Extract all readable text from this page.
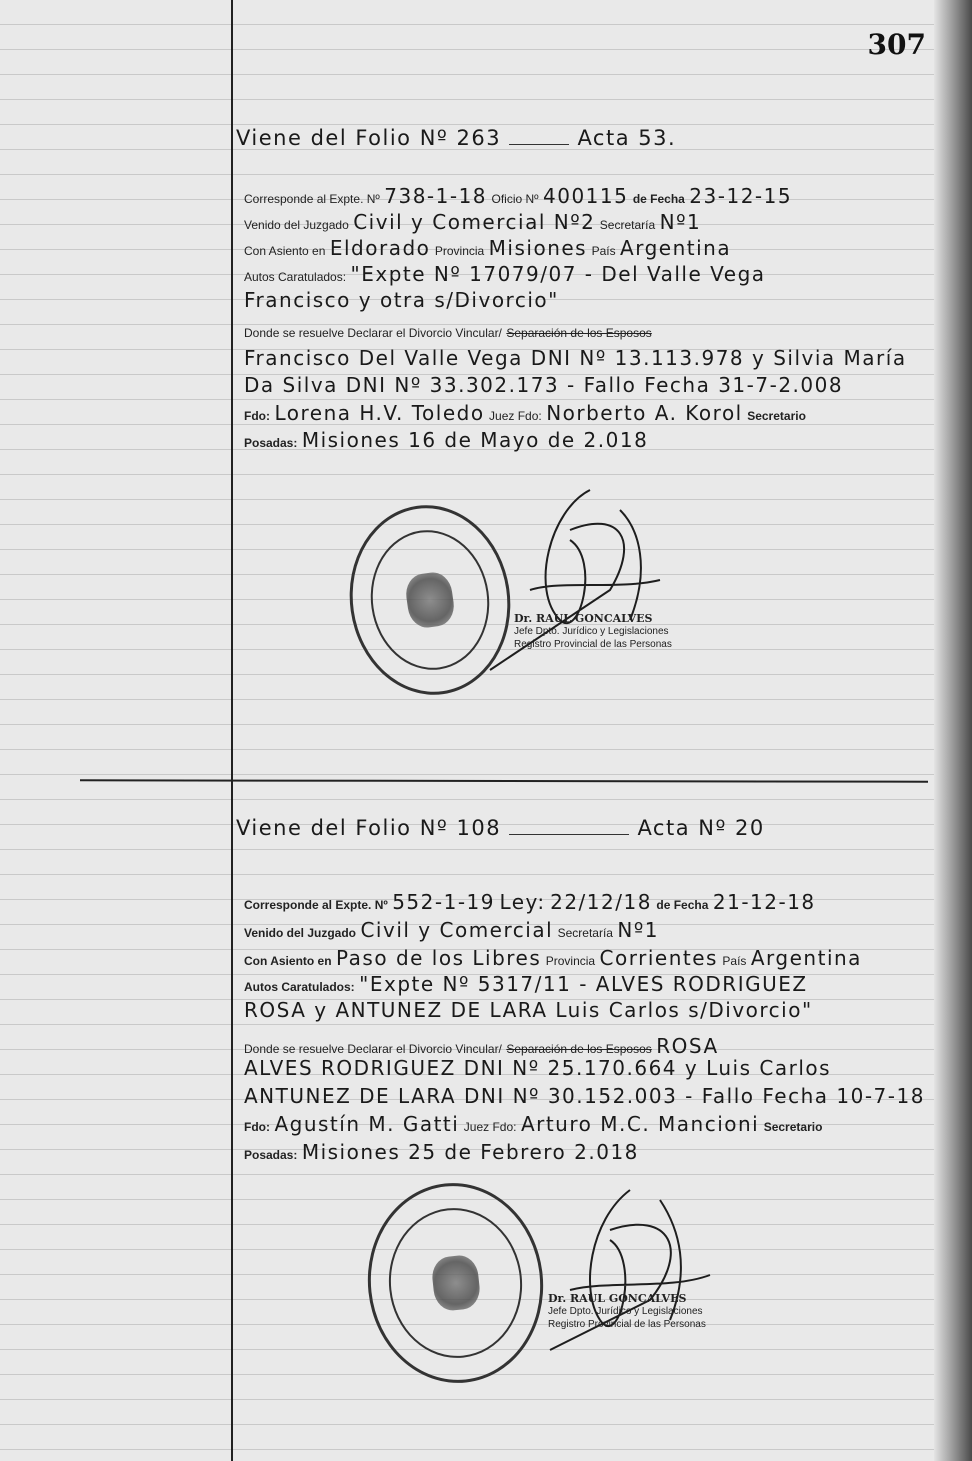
307
Viene del Folio Nº 263	Acta 53.
Corresponde al Expte. Nº 738-1-18 Oficio Nº 400115 de Fecha 23-12-15
Venido del Juzgado Civil y Comercial Nº2 Secretaría Nº1
Con Asiento en Eldorado Provincia Misiones País Argentina
Autos Caratulados: "Expte Nº 17079/07 - Del Valle Vega
Francisco y otra s/Divorcio"
Donde se resuelve Declarar el Divorcio Vincular/ Separación de los Esposos
Francisco Del Valle Vega DNI Nº 13.113.978 y Silvia María
Da Silva DNI Nº 33.302.173 - Fallo Fecha 31-7-2.008
Fdo: Lorena H.V. Toledo Juez Fdo: Norberto A. Korol Secretario
Posadas: Misiones 16 de Mayo de 2.018
Dr. RAUL GONCALVES
Jefe Dpto. Jurídico y Legislaciones
Registro Provincial de las Personas
Viene del Folio Nº 108	Acta Nº 20
Corresponde al Expte. Nº 552-1-19 Ley: 22/12/18 de Fecha 21-12-18
Venido del Juzgado Civil y Comercial Secretaría Nº1
Con Asiento en Paso de los Libres Provincia Corrientes País Argentina
Autos Caratulados: "Expte Nº 5317/11 - ALVES RODRIGUEZ
ROSA y ANTUNEZ DE LARA Luis Carlos s/Divorcio"
Donde se resuelve Declarar el Divorcio Vincular/ Separación de los Esposos ROSA
ALVES RODRIGUEZ DNI Nº 25.170.664 y Luis Carlos
ANTUNEZ DE LARA DNI Nº 30.152.003 - Fallo Fecha 10-7-18
Fdo: Agustín M. Gatti Juez Fdo: Arturo M.C. Mancioni Secretario
Posadas: Misiones 25 de Febrero 2.018
Dr. RAUL GONCALVES
Jefe Dpto. Jurídico y Legislaciones
Registro Provincial de las Personas
